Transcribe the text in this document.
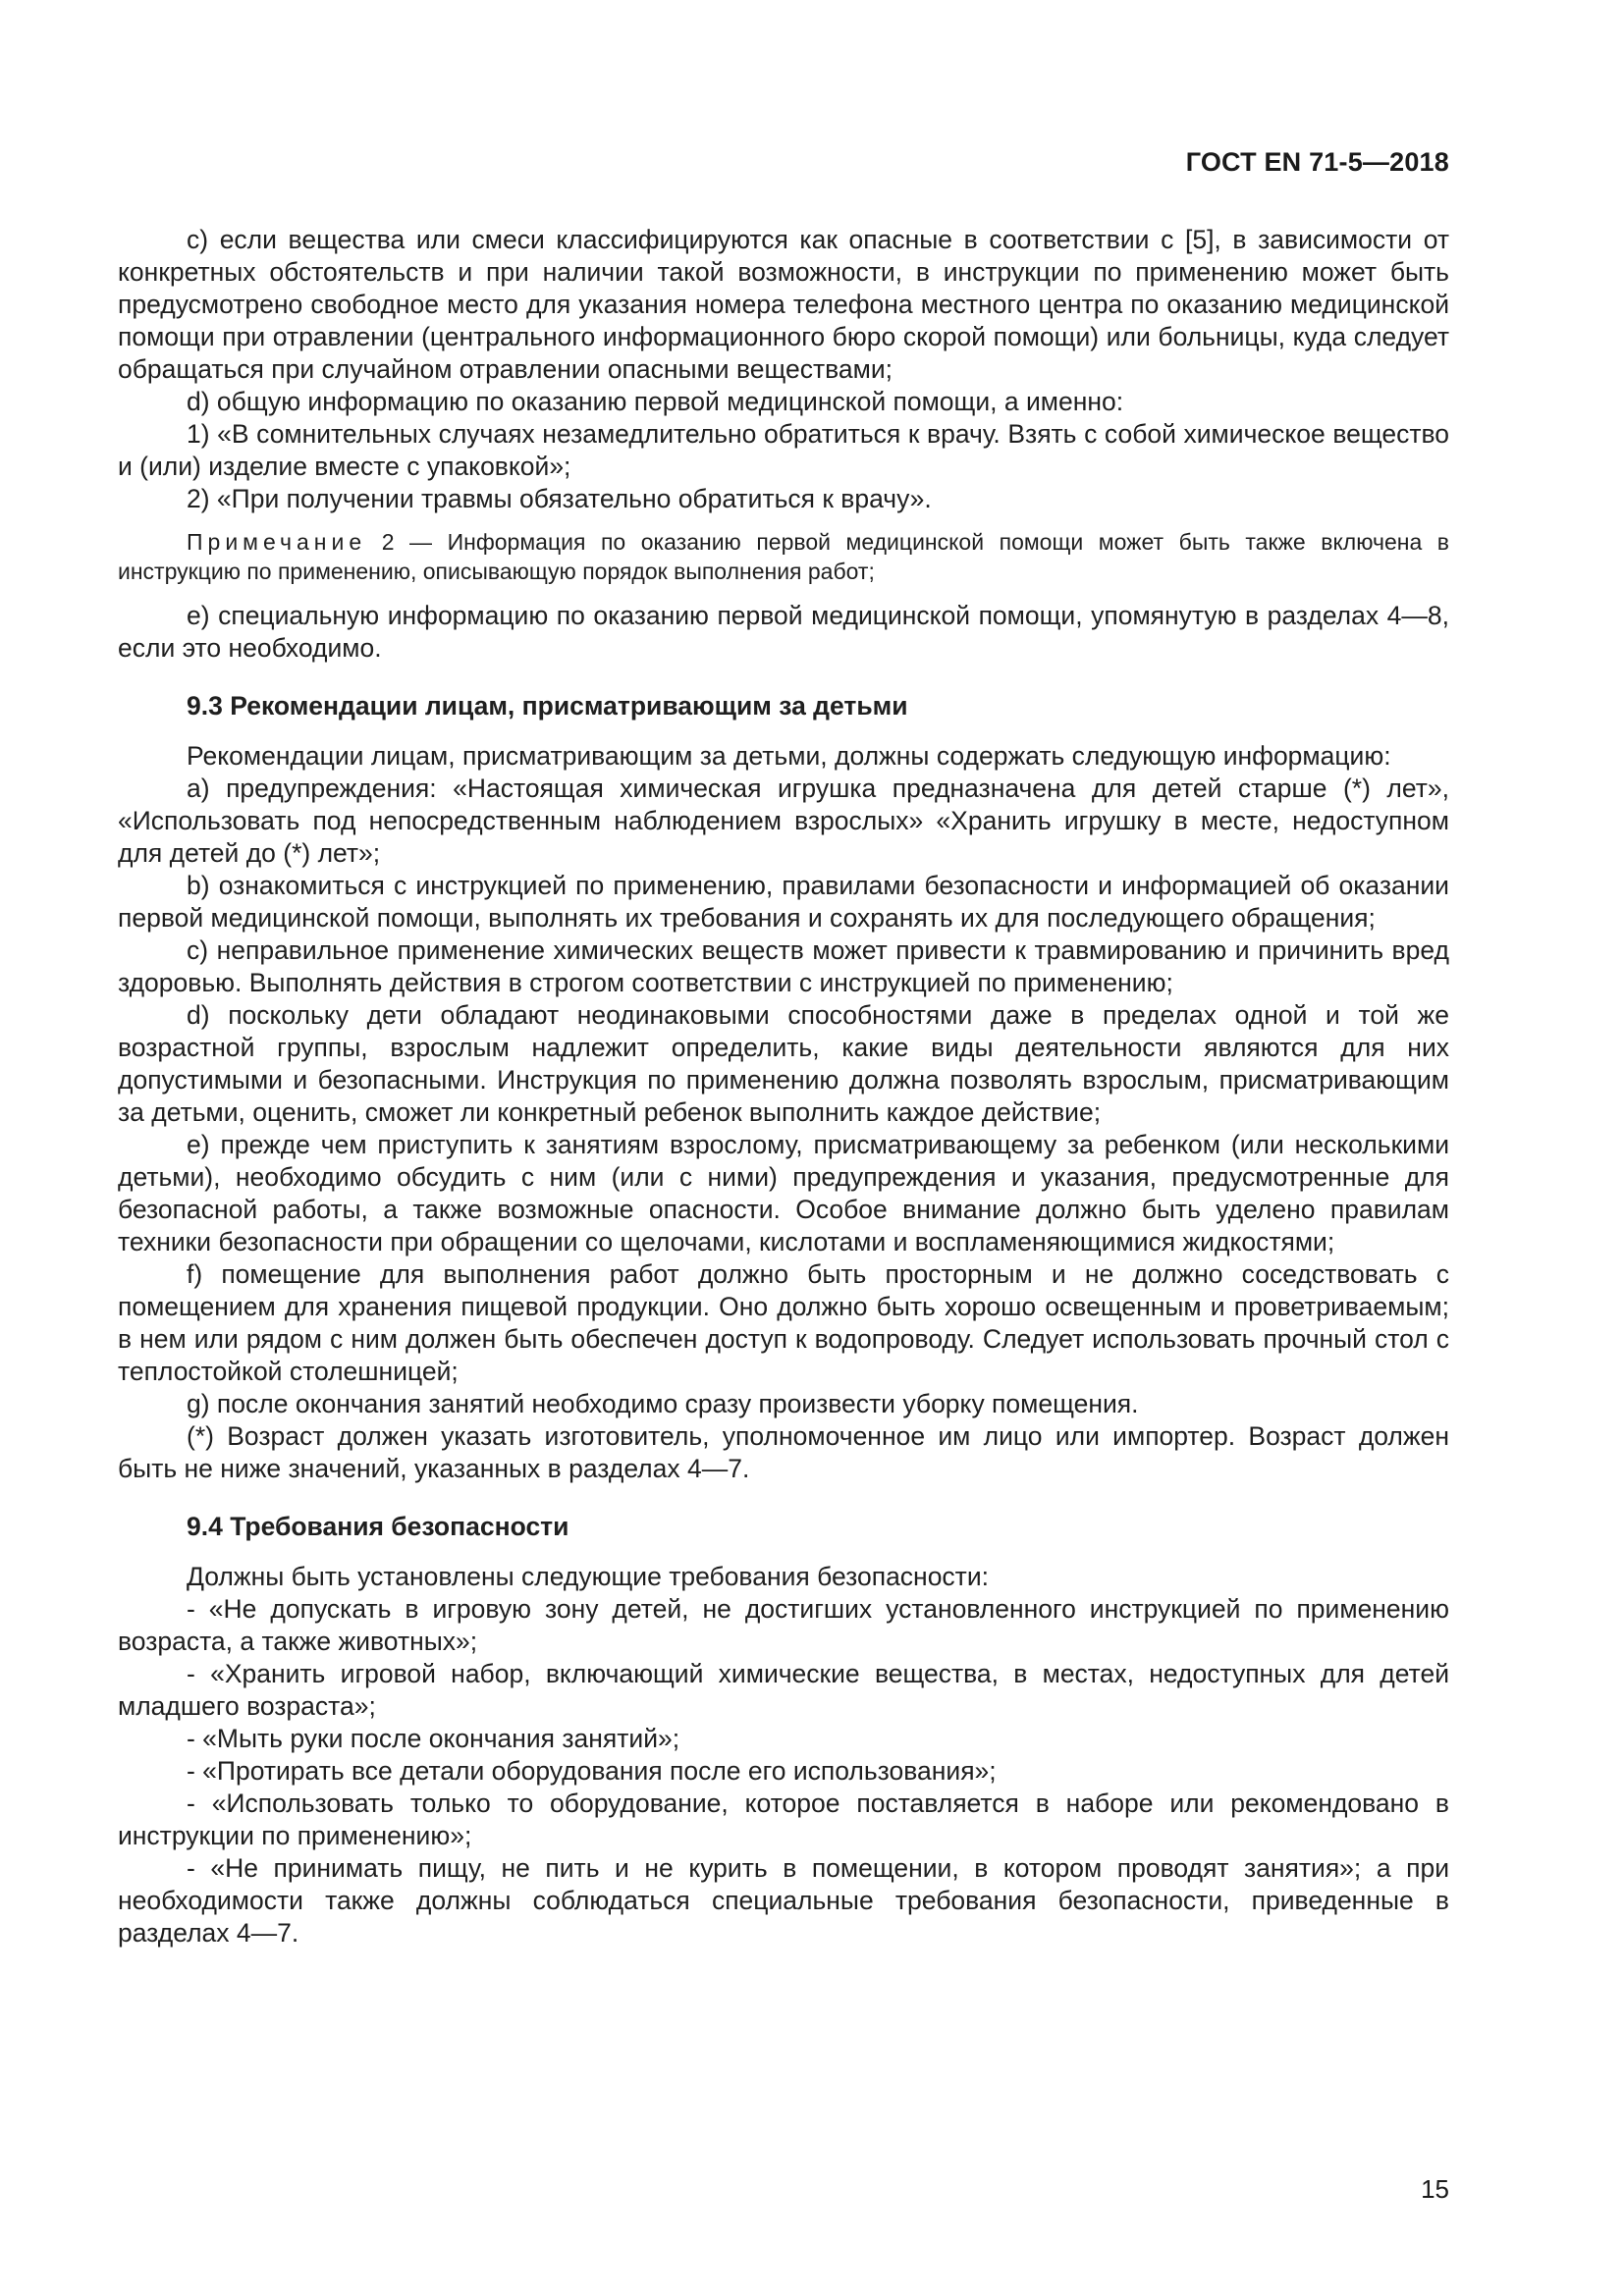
ГОСТ EN 71-5—2018

c) если вещества или смеси классифицируются как опасные в соответствии с [5], в зависимости от конкретных обстоятельств и при наличии такой возможности, в инструкции по применению может быть предусмотрено свободное место для указания номера телефона местного центра по оказанию медицинской помощи при отравлении (центрального информационного бюро скорой помощи) или больницы, куда следует обращаться при случайном отравлении опасными веществами;

d) общую информацию по оказанию первой медицинской помощи, а именно:

1) «В сомнительных случаях незамедлительно обратиться к врачу. Взять с собой химическое вещество и (или) изделие вместе с упаковкой»;

2) «При получении травмы обязательно обратиться к врачу».

Примечание 2 — Информация по оказанию первой медицинской помощи может быть также включена в инструкцию по применению, описывающую порядок выполнения работ;

e) специальную информацию по оказанию первой медицинской помощи, упомянутую в разделах 4—8, если это необходимо.

9.3 Рекомендации лицам, присматривающим за детьми

Рекомендации лицам, присматривающим за детьми, должны содержать следующую информацию:

a) предупреждения: «Настоящая химическая игрушка предназначена для детей старше (*) лет», «Использовать под непосредственным наблюдением взрослых» «Хранить игрушку в месте, недоступном для детей до (*) лет»;

b) ознакомиться с инструкцией по применению, правилами безопасности и информацией об оказании первой медицинской помощи, выполнять их требования и сохранять их для последующего обращения;

c) неправильное применение химических веществ может привести к травмированию и причинить вред здоровью. Выполнять действия в строгом соответствии с инструкцией по применению;

d) поскольку дети обладают неодинаковыми способностями даже в пределах одной и той же возрастной группы, взрослым надлежит определить, какие виды деятельности являются для них допустимыми и безопасными. Инструкция по применению должна позволять взрослым, присматривающим за детьми, оценить, сможет ли конкретный ребенок выполнить каждое действие;

e) прежде чем приступить к занятиям взрослому, присматривающему за ребенком (или несколькими детьми), необходимо обсудить с ним (или с ними) предупреждения и указания, предусмотренные для безопасной работы, а также возможные опасности. Особое внимание должно быть уделено правилам техники безопасности при обращении со щелочами, кислотами и воспламеняющимися жидкостями;

f) помещение для выполнения работ должно быть просторным и не должно соседствовать с помещением для хранения пищевой продукции. Оно должно быть хорошо освещенным и проветриваемым; в нем или рядом с ним должен быть обеспечен доступ к водопроводу. Следует использовать прочный стол с теплостойкой столешницей;

g) после окончания занятий необходимо сразу произвести уборку помещения.

(*) Возраст должен указать изготовитель, уполномоченное им лицо или импортер. Возраст должен быть не ниже значений, указанных в разделах 4—7.

9.4 Требования безопасности

Должны быть установлены следующие требования безопасности:

- «Не допускать в игровую зону детей, не достигших установленного инструкцией по применению возраста, а также животных»;

- «Хранить игровой набор, включающий химические вещества, в местах, недоступных для детей младшего возраста»;

- «Мыть руки после окончания занятий»;

- «Протирать все детали оборудования после его использования»;

- «Использовать только то оборудование, которое поставляется в наборе или рекомендовано в инструкции по применению»;

- «Не принимать пищу, не пить и не курить в помещении, в котором проводят занятия»; а при необходимости также должны соблюдаться специальные требования безопасности, приведенные в разделах 4—7.

15
